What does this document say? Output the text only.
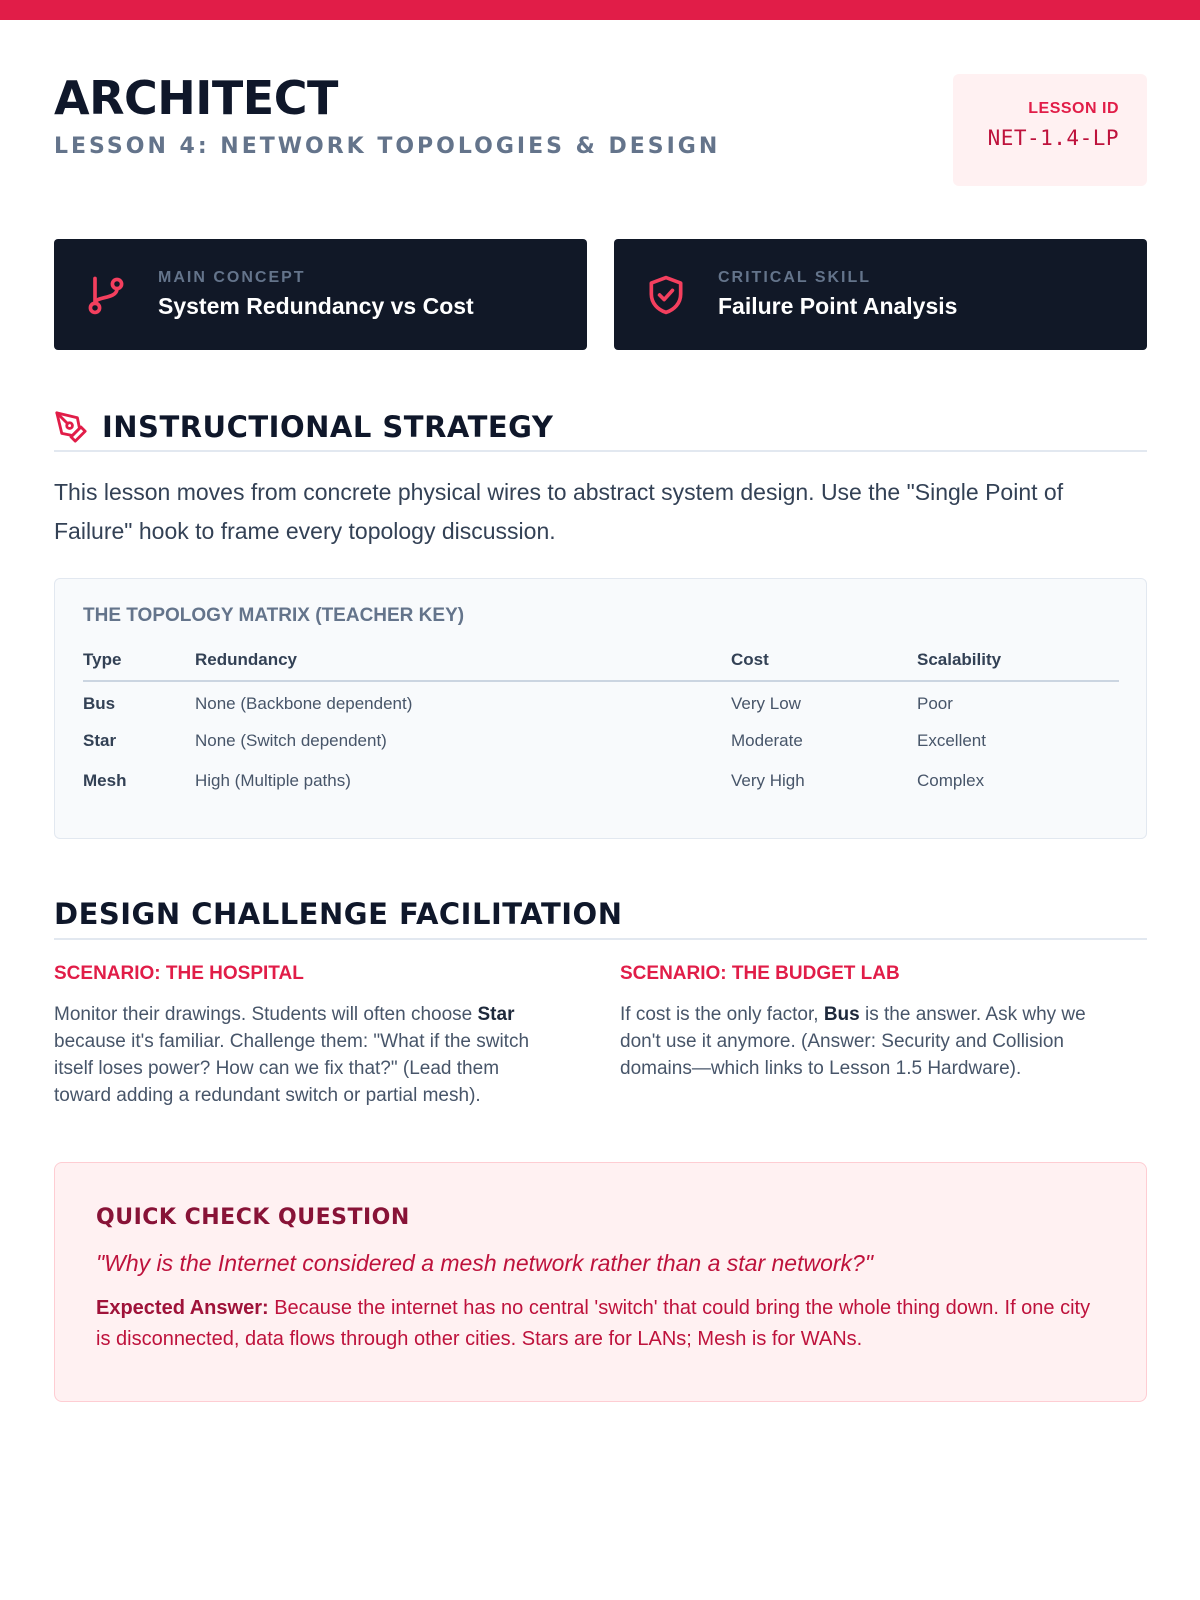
ARCHITECT
LESSON 4: NETWORK TOPOLOGIES & DESIGN
LESSON ID
NET-1.4-LP
MAIN CONCEPT
System Redundancy vs Cost
CRITICAL SKILL
Failure Point Analysis
INSTRUCTIONAL STRATEGY

This lesson moves from concrete physical wires to abstract system design. Use the "Single Point of Failure" hook to frame every topology discussion.

THE TOPOLOGY MATRIX (TEACHER KEY)
Type	Redundancy	Cost	Scalability
Bus	None (Backbone dependent)	Very Low	Poor
Star	None (Switch dependent)	Moderate	Excellent
Mesh	High (Multiple paths)	Very High	Complex
DESIGN CHALLENGE FACILITATION
SCENARIO: THE HOSPITAL

Monitor their drawings. Students will often choose Star because it's familiar. Challenge them: "What if the switch itself loses power? How can we fix that?" (Lead them toward adding a redundant switch or partial mesh).

SCENARIO: THE BUDGET LAB

If cost is the only factor, Bus is the answer. Ask why we don't use it anymore. (Answer: Security and Collision domains—which links to Lesson 1.5 Hardware).

QUICK CHECK QUESTION
"Why is the Internet considered a mesh network rather than a star network?"

Expected Answer: Because the internet has no central 'switch' that could bring the whole thing down. If one city is disconnected, data flows through other cities. Stars are for LANs; Mesh is for WANs.
